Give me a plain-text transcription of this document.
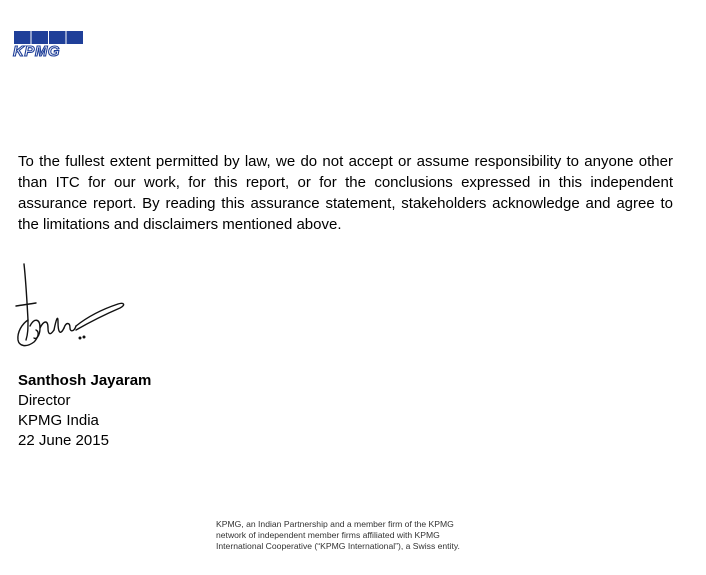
KPMG

To the fullest extent permitted by law, we do not accept or assume responsibility to anyone other than ITC for our work, for this report, or for the conclusions expressed in this independent assurance report. By reading this assurance statement, stakeholders acknowledge and agree to the limitations and disclaimers mentioned above.

Santhosh Jayaram
Director
KPMG India
22 June 2015
KPMG, an Indian Partnership and a member firm of the KPMG
network of independent member firms affiliated with KPMG
International Cooperative (“KPMG International”), a Swiss entity.
